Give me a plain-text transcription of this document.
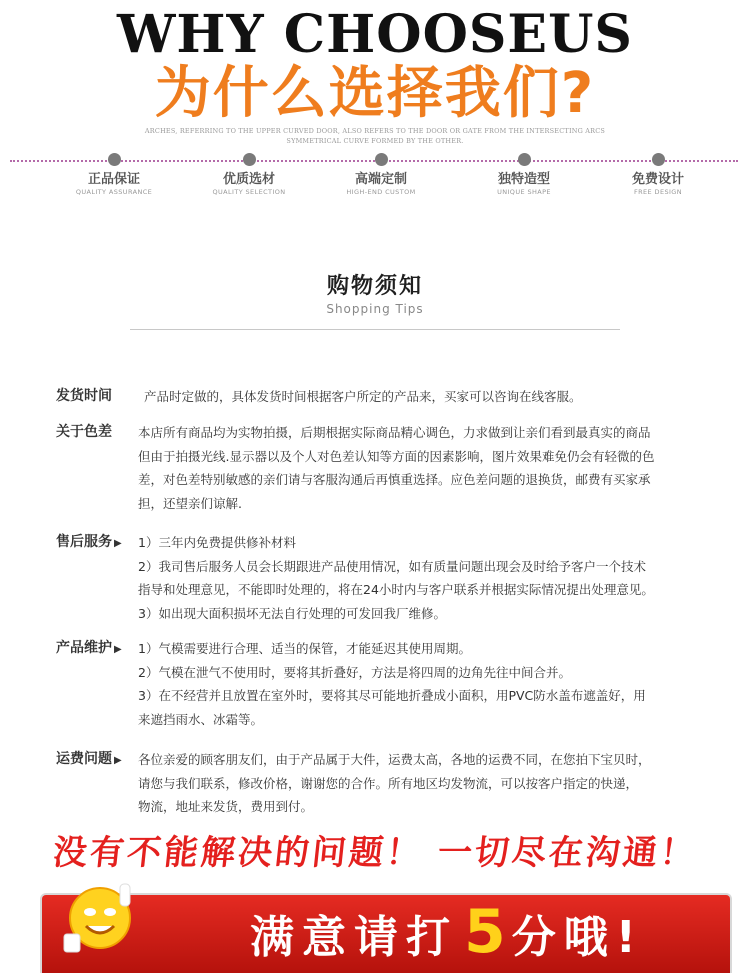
WHY CHOOSEUS
为什么选择我们?
ARCHES, REFERRING TO THE UPPER CURVED DOOR, ALSO REFERS TO THE DOOR OR GATE FROM THE INTERSECTING ARCS
SYMMETRICAL CURVE FORMED BY THE OTHER.
正品保证
QUALITY ASSURANCE
优质选材
QUALITY SELECTION
高端定制
HIGH-END CUSTOM
独特造型
UNIQUE SHAPE
免费设计
FREE DESIGN
购物须知
Shopping Tips
发货时间	产品时定做的，具体发货时间根据客户所定的产品来，买家可以咨询在线客服。

关于色差 本店所有商品均为实物拍摄，后期根据实际商品精心调色，力求做到让亲们看到最真实的商品

但由于拍摄光线.显示器以及个人对色差认知等方面的因素影响，图片效果难免仍会有轻微的色

差，对色差特别敏感的亲们请与客服沟通后再慎重选择。应色差问题的退换货，邮费有买家承

担，还望亲们谅解.

售后服务 ▶ 1）三年内免费提供修补材料

2）我司售后服务人员会长期跟进产品使用情况，如有质量问题出现会及时给予客户一个技术

指导和处理意见，不能即时处理的，将在24小时内与客户联系并根据实际情况提出处理意见。

3）如出现大面积损坏无法自行处理的可发回我厂维修。

产品维护 ▶ 1）气模需要进行合理、适当的保管，才能延迟其使用周期。

2）气模在泄气不使用时，要将其折叠好，方法是将四周的边角先往中间合并。

3）在不经营并且放置在室外时，要将其尽可能地折叠成小面积，用PVC防水盖布遮盖好，用

来遮挡雨水、冰霜等。

运费问题 ▶ 各位亲爱的顾客朋友们，由于产品属于大件，运费太高，各地的运费不同，在您拍下宝贝时，

请您与我们联系，修改价格，谢谢您的合作。所有地区均发物流，可以按客户指定的快递，

物流，地址来发货，费用到付。

没有不能解决的问题！ 一切尽在沟通！
满意请打 5 分哦!
